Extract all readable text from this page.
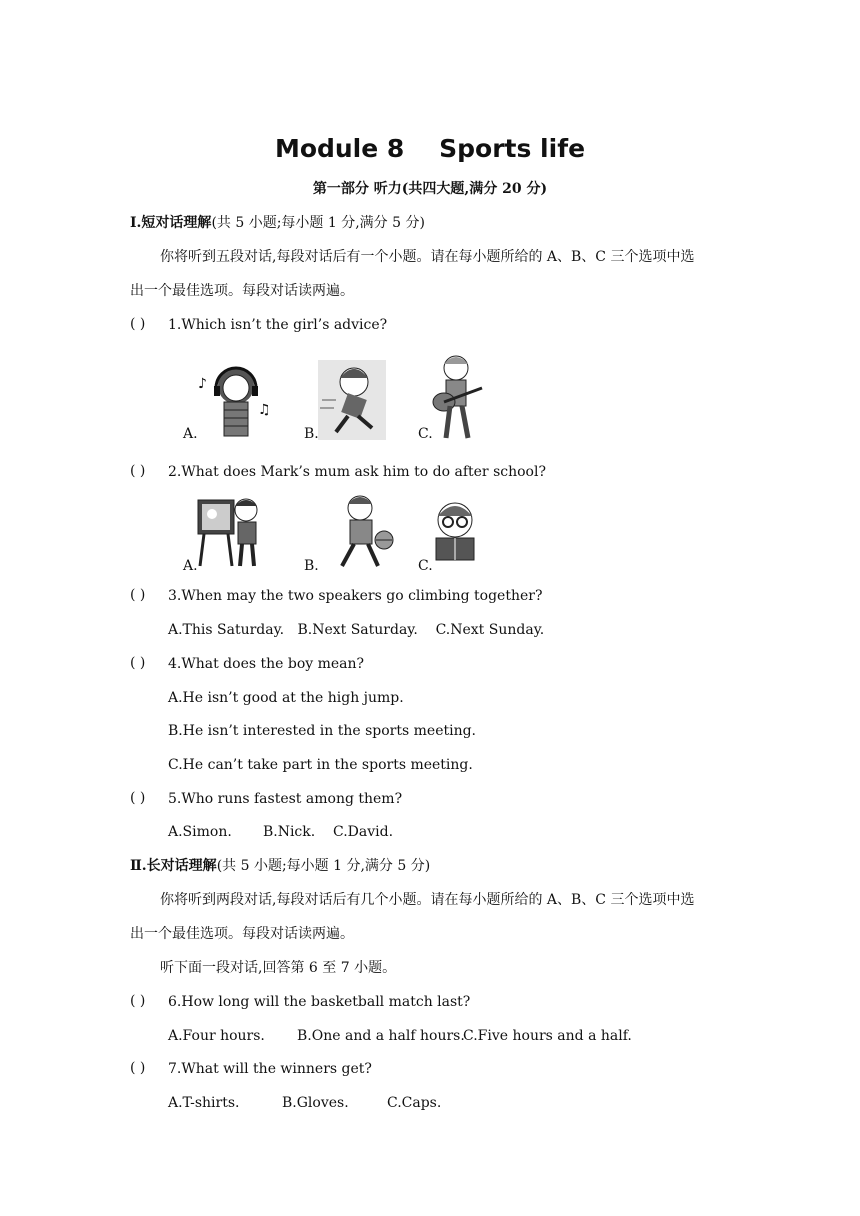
Module 8    Sports life
第一部分 听力(共四大题,满分 20 分)
Ⅰ.短对话理解(共 5 小题;每小题 1 分,满分 5 分)
你将听到五段对话,每段对话后有一个小题。请在每小题所给的 A、B、C 三个选项中选
出一个最佳选项。每段对话读两遍。
( ) 1.Which isn’t the girl’s advice?
♪
♫
A.	B.	C.
( ) 2.What does Mark’s mum ask him to do after school?
A.	B.	C.
( ) 3.When may the two speakers go climbing together?
A.This Saturday.   B.Next Saturday.    C.Next Sunday.
( ) 4.What does the boy mean?
A.He isn’t good at the high jump.
B.He isn’t interested in the sports meeting.
C.He can’t take part in the sports meeting.
( ) 5.Who runs fastest among them?
A.Simon.       B.Nick.    C.David.
Ⅱ.长对话理解(共 5 小题;每小题 1 分,满分 5 分)
你将听到两段对话,每段对话后有几个小题。请在每小题所给的 A、B、C 三个选项中选
出一个最佳选项。每段对话读两遍。
听下面一段对话,回答第 6 至 7 小题。
( ) 6.How long will the basketball match last?
A.Four hours. B.One and a half hours.
C.Five hours and a half.
( ) 7.What will the winners get?
A.T-shirts.	B.Gloves.	C.Caps.
